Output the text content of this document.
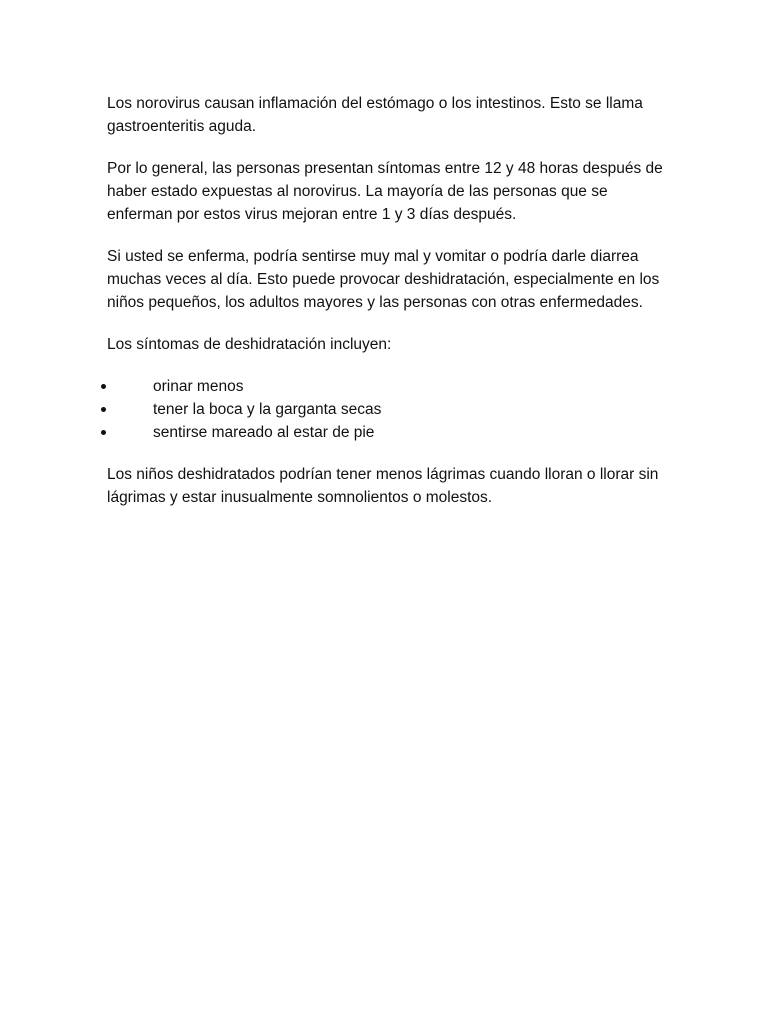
Los norovirus causan inflamación del estómago o los intestinos. Esto se llama gastroenteritis aguda.

Por lo general, las personas presentan síntomas entre 12 y 48 horas después de haber estado expuestas al norovirus. La mayoría de las personas que se enferman por estos virus mejoran entre 1 y 3 días después.

Si usted se enferma, podría sentirse muy mal y vomitar o podría darle diarrea muchas veces al día. Esto puede provocar deshidratación, especialmente en los niños pequeños, los adultos mayores y las personas con otras enfermedades.

Los síntomas de deshidratación incluyen:

orinar menos
tener la boca y la garganta secas
sentirse mareado al estar de pie

Los niños deshidratados podrían tener menos lágrimas cuando lloran o llorar sin lágrimas y estar inusualmente somnolientos o molestos.
